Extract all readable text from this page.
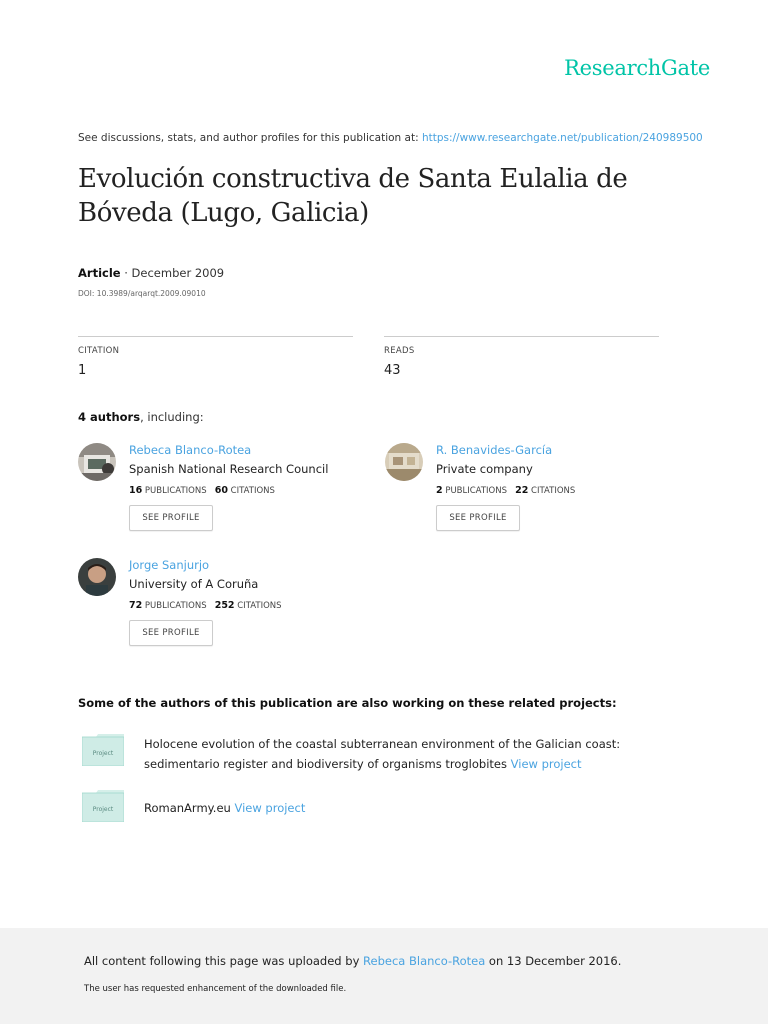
ResearchGate
See discussions, stats, and author profiles for this publication at: https://www.researchgate.net/publication/240989500
Evolución constructiva de Santa Eulalia de
Bóveda (Lugo, Galicia)
Article · December 2009
DOI: 10.3989/arqarqt.2009.09010
CITATION
1
READS
43
4 authors, including:
Rebeca Blanco-Rotea
Spanish National Research Council
16 PUBLICATIONS 60 CITATIONS
SEE PROFILE
R. Benavides-García
Private company
2 PUBLICATIONS 22 CITATIONS
SEE PROFILE
Jorge Sanjurjo
University of A Coruña
72 PUBLICATIONS 252 CITATIONS
SEE PROFILE
Some of the authors of this publication are also working on these related projects:
Project
Holocene evolution of the coastal subterranean environment of the Galician coast: sedimentario register and biodiversity of organisms troglobites View project
Project	RomanArmy.eu View project
All content following this page was uploaded by Rebeca Blanco-Rotea on 13 December 2016.
The user has requested enhancement of the downloaded file.
